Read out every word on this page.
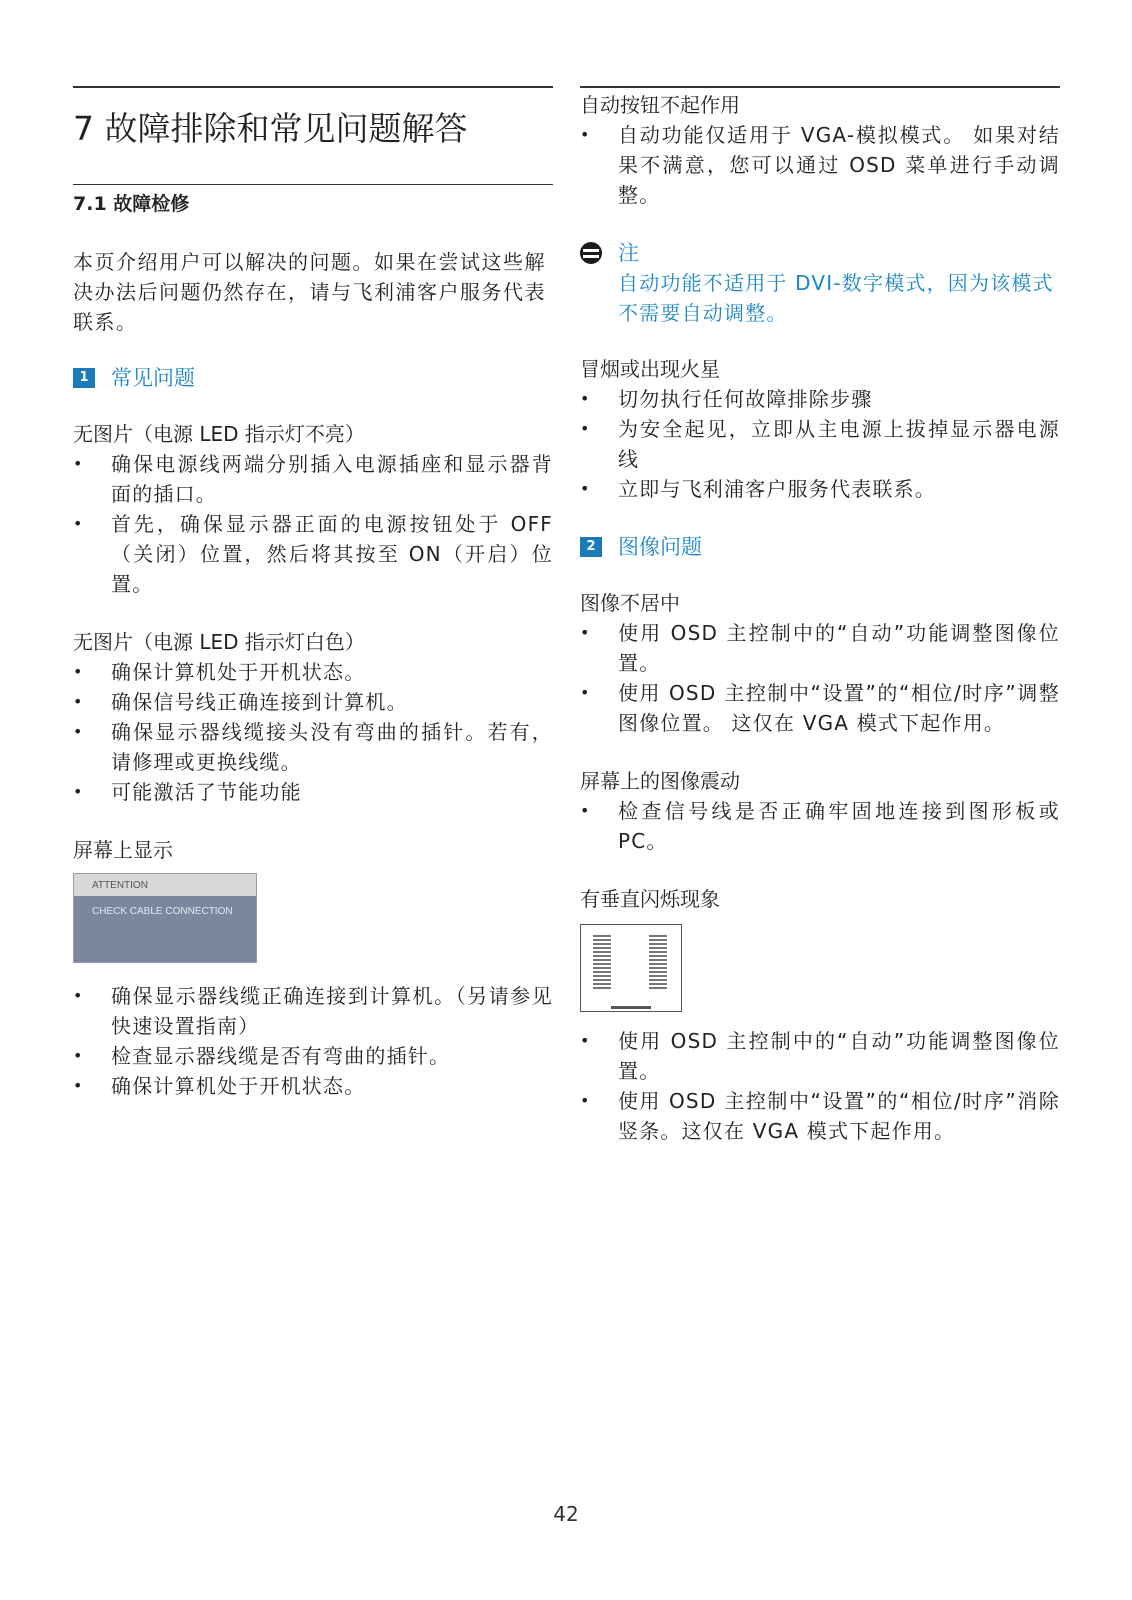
7 故障排除和常见问题解答
7.1 故障检修

本页介绍用户可以解决的问题。如果在尝试这些解决办法后问题仍然存在，请与飞利浦客户服务代表联系。

1	常见问题
无图片（电源 LED 指示灯不亮）
• 确保电源线两端分别插入电源插座和显示器背面的插口。
• 首先，确保显示器正面的电源按钮处于 OFF（关闭）位置，然后将其按至 ON（开启）位置。
无图片（电源 LED 指示灯白色）
• 确保计算机处于开机状态。
• 确保信号线正确连接到计算机。
• 确保显示器线缆接头没有弯曲的插针。若有，请修理或更换线缆。
• 可能激活了节能功能
屏幕上显示
ATTENTION
CHECK CABLE CONNECTION
• 确保显示器线缆正确连接到计算机。（另请参见快速设置指南）
• 检查显示器线缆是否有弯曲的插针。
• 确保计算机处于开机状态。
自动按钮不起作用
• 自动功能仅适用于 VGA-模拟模式。 如果对结果不满意，您可以通过 OSD 菜单进行手动调整。
注
自动功能不适用于 DVI-数字模式，因为该模式不需要自动调整。
冒烟或出现火星
• 切勿执行任何故障排除步骤
• 为安全起见，立即从主电源上拔掉显示器电源线
• 立即与飞利浦客户服务代表联系。
2	图像问题
图像不居中
• 使用 OSD 主控制中的“自动”功能调整图像位置。
• 使用 OSD 主控制中“设置”的“相位/时序”调整图像位置。 这仅在 VGA 模式下起作用。
屏幕上的图像震动
• 检查信号线是否正确牢固地连接到图形板或 PC。
有垂直闪烁现象
• 使用 OSD 主控制中的“自动”功能调整图像位置。
• 使用 OSD 主控制中“设置”的“相位/时序”消除竖条。这仅在 VGA 模式下起作用。
42
